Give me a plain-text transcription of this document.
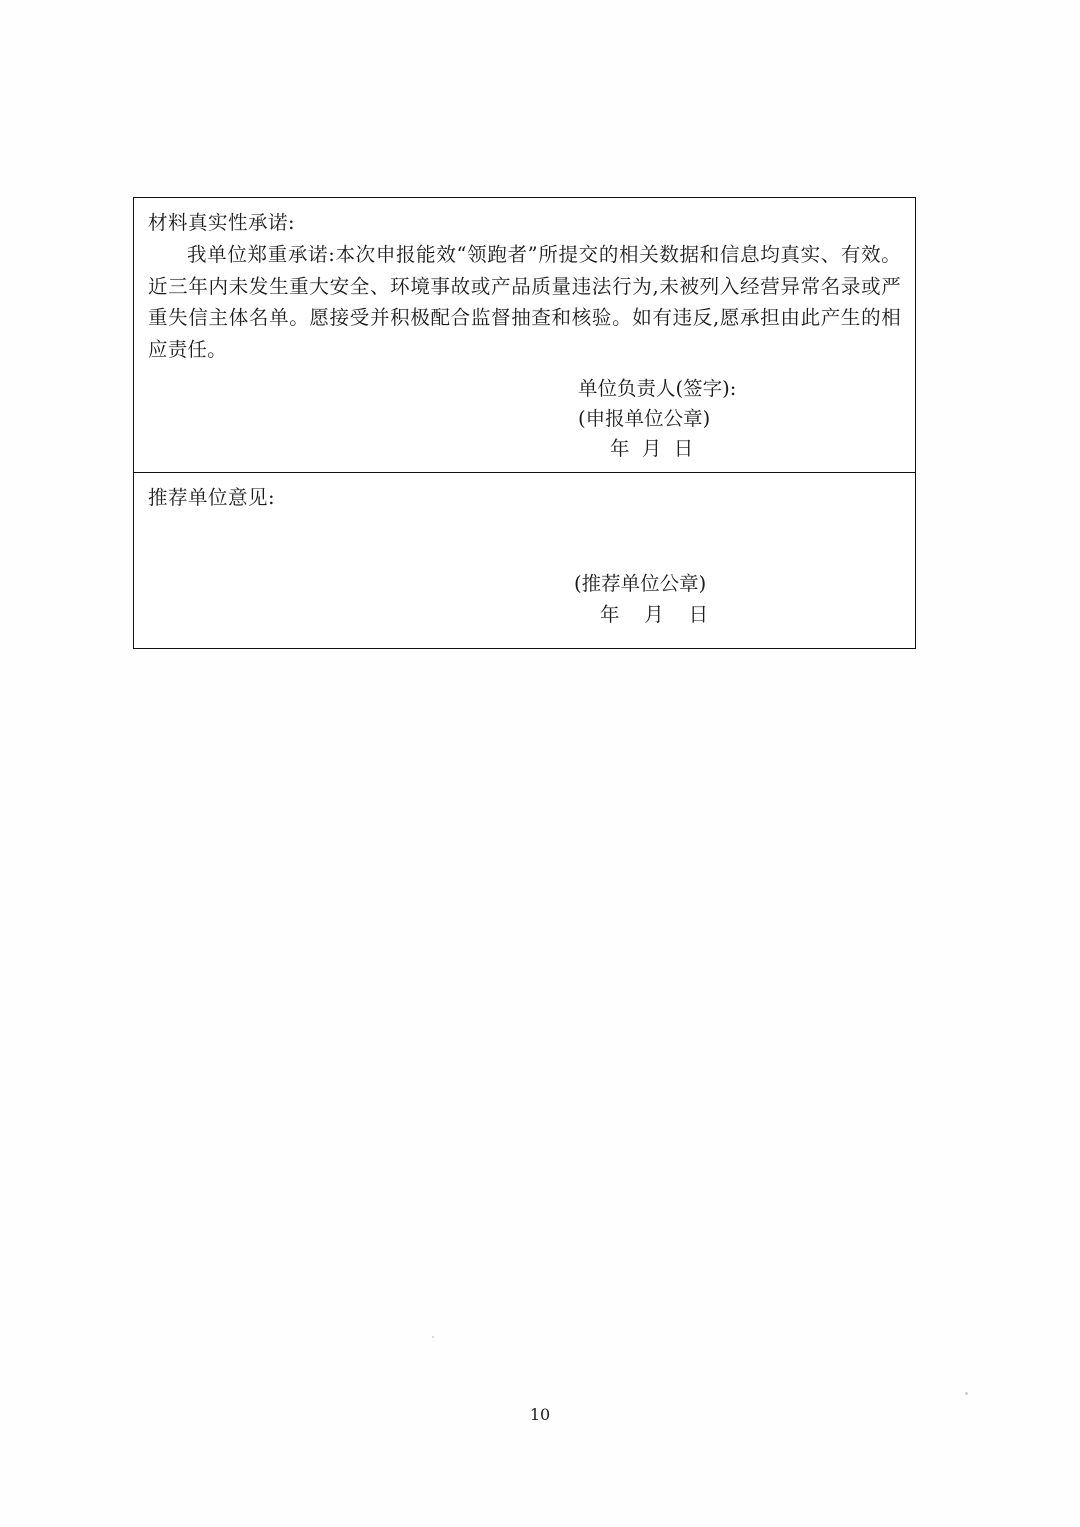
材料真实性承诺:
我单位郑重承诺:本次申报能效“领跑者”所提交的相关数据和信息均真实、有效。近三年内未发生重大安全、环境事故或产品质量违法行为,未被列入经营异常名录或严重失信主体名单。愿接受并积极配合监督抽查和核验。如有违反,愿承担由此产生的相应责任。
单位负责人(签字):
(申报单位公章)
年  月  日
推荐单位意见:
(推荐单位公章)
年    月    日
10
